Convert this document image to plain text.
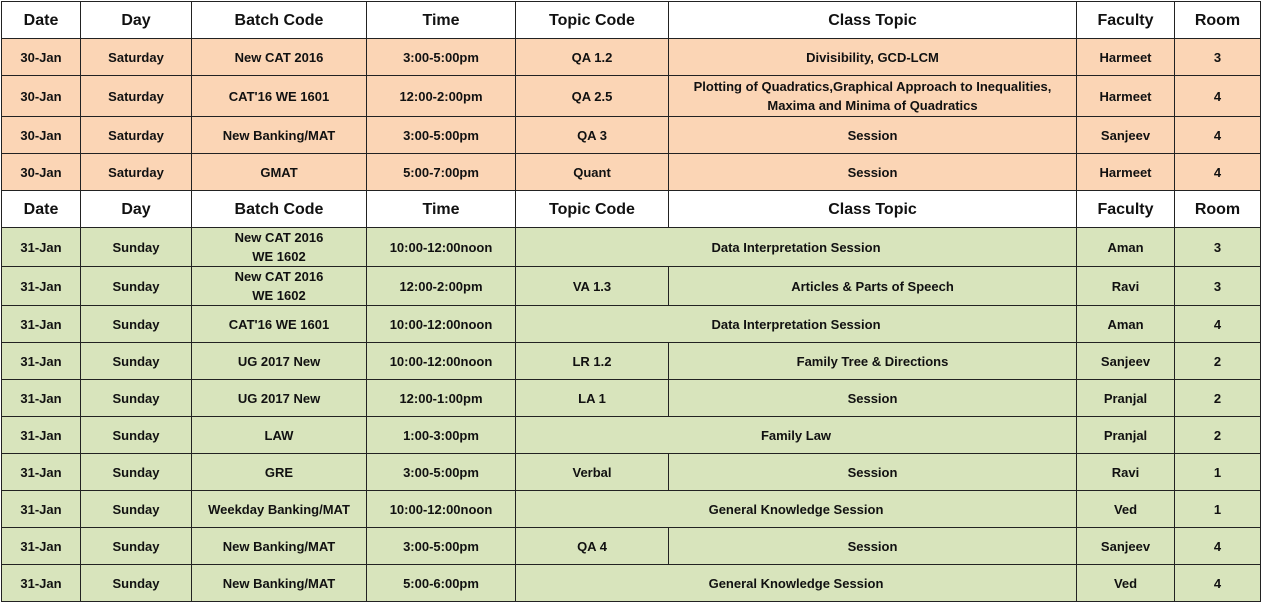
Date	Day	Batch Code	Time	Topic Code	Class Topic	Faculty	Room
30-Jan	Saturday	New CAT 2016	3:00-5:00pm	QA 1.2	Divisibility, GCD-LCM	Harmeet	3
30-Jan	Saturday	CAT'16 WE 1601	12:00-2:00pm	QA 2.5	Plotting of Quadratics,Graphical Approach to Inequalities,
Maxima and Minima of Quadratics	Harmeet	4
30-Jan	Saturday	New Banking/MAT	3:00-5:00pm	QA 3	Session	Sanjeev	4
30-Jan	Saturday	GMAT	5:00-7:00pm	Quant	Session	Harmeet	4
Date	Day	Batch Code	Time	Topic Code	Class Topic	Faculty	Room
31-Jan	Sunday	New CAT 2016
WE 1602	10:00-12:00noon	Data Interpretation Session		Aman	3
31-Jan	Sunday	New CAT 2016
WE 1602	12:00-2:00pm	VA 1.3	Articles & Parts of Speech	Ravi	3
31-Jan	Sunday	CAT'16 WE 1601	10:00-12:00noon	Data Interpretation Session		Aman	4
31-Jan	Sunday	UG 2017 New	10:00-12:00noon	LR 1.2	Family Tree & Directions	Sanjeev	2
31-Jan	Sunday	UG 2017 New	12:00-1:00pm	LA 1	Session	Pranjal	2
31-Jan	Sunday	LAW	1:00-3:00pm	Family Law		Pranjal	2
31-Jan	Sunday	GRE	3:00-5:00pm	Verbal	Session	Ravi	1
31-Jan	Sunday	Weekday Banking/MAT	10:00-12:00noon	General Knowledge Session		Ved	1
31-Jan	Sunday	New Banking/MAT	3:00-5:00pm	QA 4	Session	Sanjeev	4
31-Jan	Sunday	New Banking/MAT	5:00-6:00pm	General Knowledge Session		Ved	4
